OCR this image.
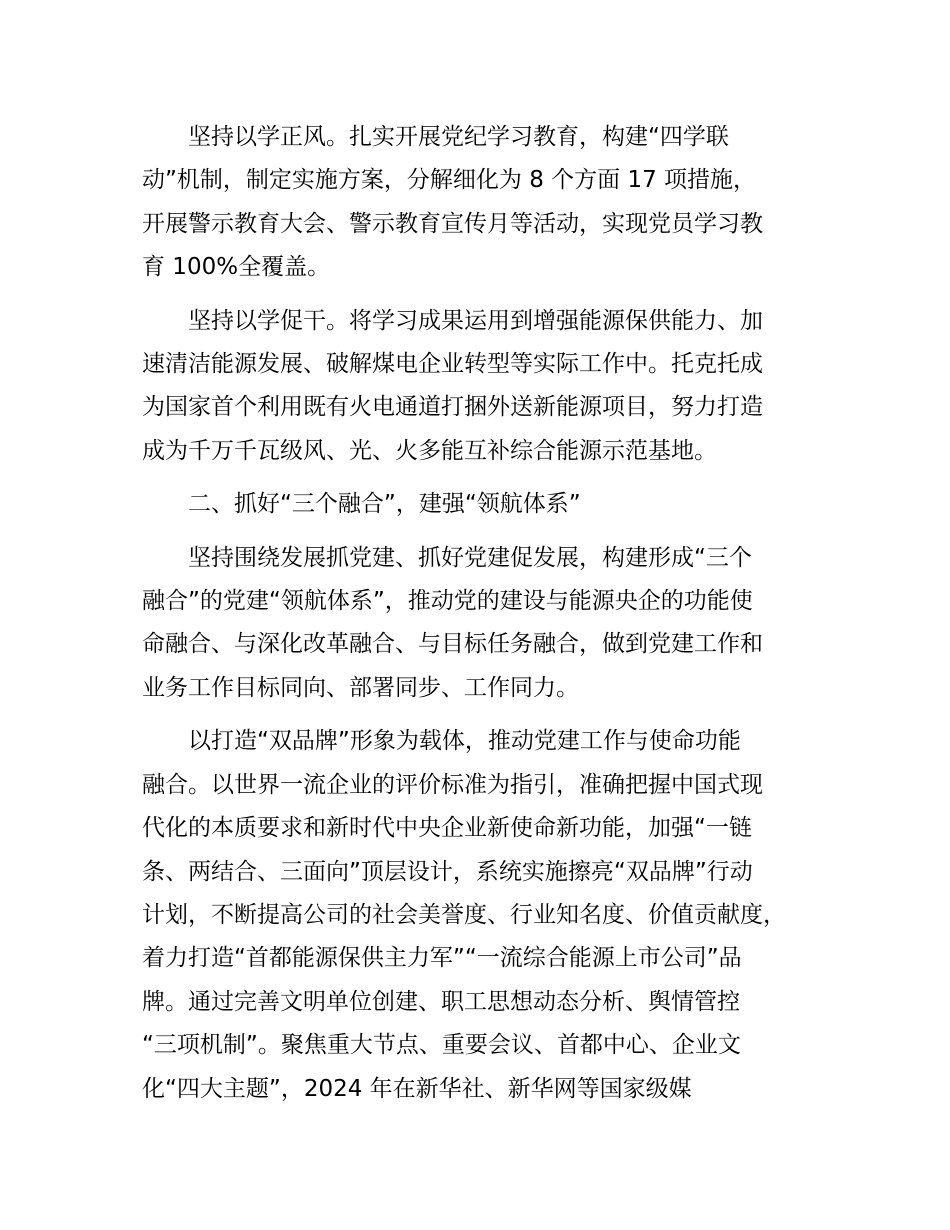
坚持以学正风。扎实开展党纪学习教育，构建“四学联
动”机制，制定实施方案，分解细化为 8 个方面 17 项措施，
开展警示教育大会、警示教育宣传月等活动，实现党员学习教
育 100%全覆盖。

坚持以学促干。将学习成果运用到增强能源保供能力、加
速清洁能源发展、破解煤电企业转型等实际工作中。托克托成
为国家首个利用既有火电通道打捆外送新能源项目，努力打造
成为千万千瓦级风、光、火多能互补综合能源示范基地。

二、抓好“三个融合”，建强“领航体系”

坚持围绕发展抓党建、抓好党建促发展，构建形成“三个
融合”的党建“领航体系”，推动党的建设与能源央企的功能使
命融合、与深化改革融合、与目标任务融合，做到党建工作和
业务工作目标同向、部署同步、工作同力。

以打造“双品牌”形象为载体，推动党建工作与使命功能
融合。以世界一流企业的评价标准为指引，准确把握中国式现
代化的本质要求和新时代中央企业新使命新功能，加强“一链
条、两结合、三面向”顶层设计，系统实施擦亮“双品牌”行动
计划，不断提高公司的社会美誉度、行业知名度、价值贡献度，
着力打造“首都能源保供主力军”“一流综合能源上市公司”品
牌。通过完善文明单位创建、职工思想动态分析、舆情管控
“三项机制”。聚焦重大节点、重要会议、首都中心、企业文
化“四大主题”，2024 年在新华社、新华网等国家级媒
